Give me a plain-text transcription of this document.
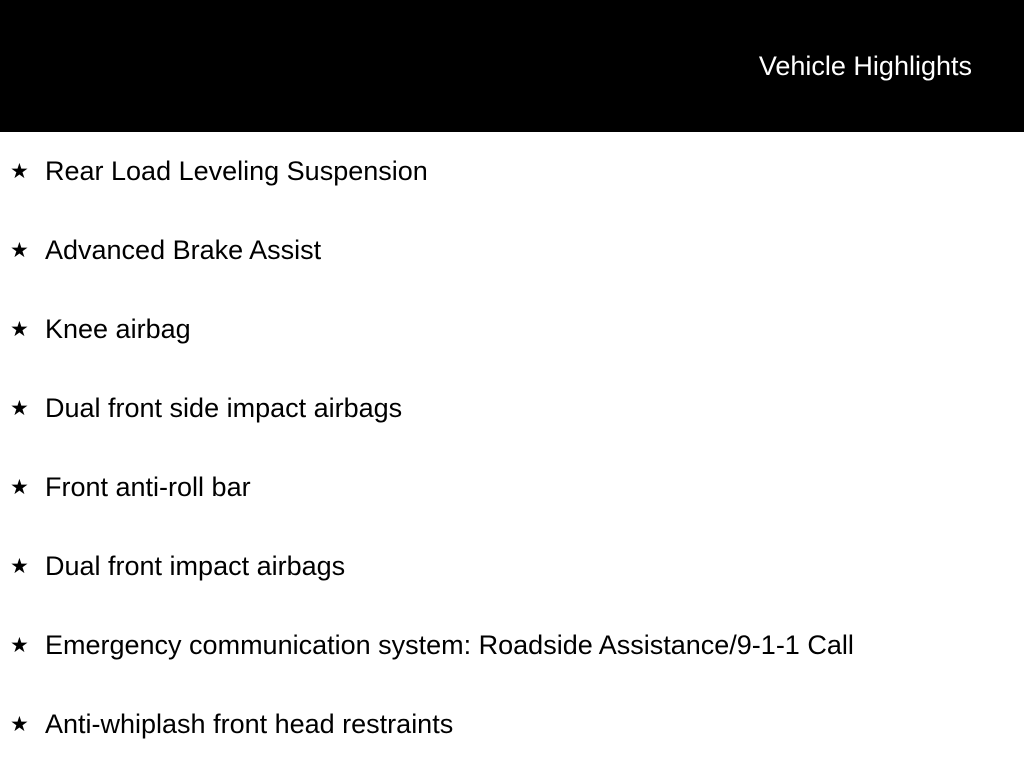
Vehicle Highlights
★ Rear Load Leveling Suspension
★ Advanced Brake Assist
★ Knee airbag
★ Dual front side impact airbags
★ Front anti-roll bar
★ Dual front impact airbags
★ Emergency communication system: Roadside Assistance/9-1-1 Call
★ Anti-whiplash front head restraints
